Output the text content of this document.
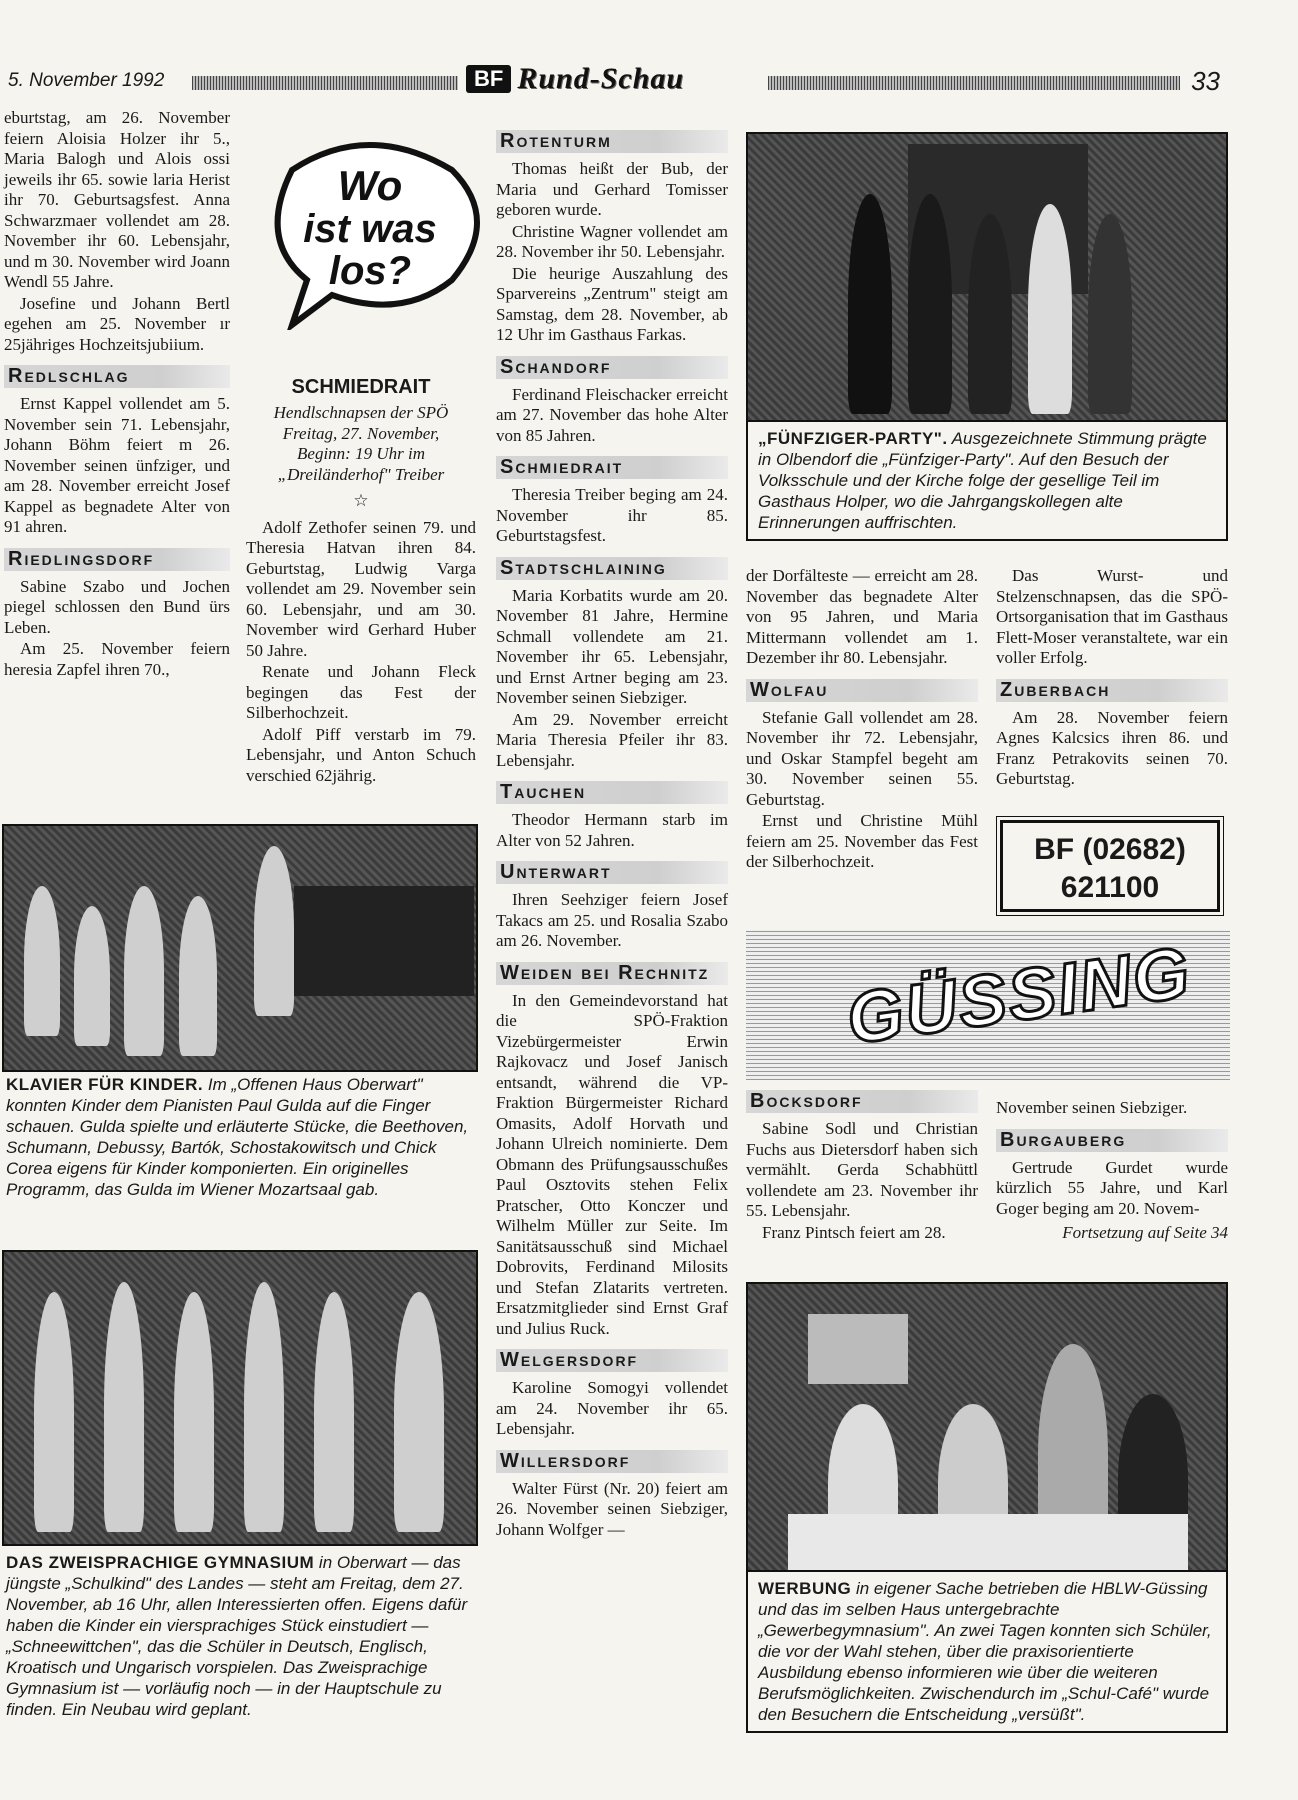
5. November 1992	BF Rund-Schau	33

eburtstag, am 26. November feiern Aloisia Holzer ihr 5., Maria Balogh und Alois ossi jeweils ihr 65. sowie laria Herist ihr 70. Geburtsagsfest. Anna Schwarzmaer vollendet am 28. November ihr 60. Lebensjahr, und m 30. November wird Joann Wendl 55 Jahre.

Josefine und Johann Bertl egehen am 25. November ır 25jähriges Hochzeitsjubiium.

Redlschlag

Ernst Kappel vollendet am 5. November sein 71. Lebensjahr, Johann Böhm feiert m 26. November seinen ünfziger, und am 28. November erreicht Josef Kappel as begnadete Alter von 91 ahren.

Riedlingsdorf

Sabine Szabo und Jochen piegel schlossen den Bund ürs Leben.

Am 25. November feiern heresia Zapfel ihren 70.,

Wo
ist was
los?
SCHMIEDRAIT
Hendlschnapsen der SPÖ
Freitag, 27. November,
Beginn: 19 Uhr im
„Dreiländerhof" Treiber
☆

Adolf Zethofer seinen 79. und Theresia Hatvan ihren 84. Geburtstag, Ludwig Varga vollendet am 29. November sein 60. Lebensjahr, und am 30. November wird Gerhard Huber 50 Jahre.

Renate und Johann Fleck begingen das Fest der Silberhochzeit.

Adolf Piff verstarb im 79. Lebensjahr, und Anton Schuch verschied 62jährig.

KLAVIER FÜR KINDER. Im „Offenen Haus Oberwart" konnten Kinder dem Pianisten Paul Gulda auf die Finger schauen. Gulda spielte und erläuterte Stücke, die Beethoven, Schumann, Debussy, Bartók, Schostakowitsch und Chick Corea eigens für Kinder komponierten. Ein originelles Programm, das Gulda im Wiener Mozartsaal gab.
DAS ZWEISPRACHIGE GYMNASIUM in Oberwart — das jüngste „Schulkind" des Landes — steht am Freitag, dem 27. November, ab 16 Uhr, allen Interessierten offen. Eigens dafür haben die Kinder ein viersprachiges Stück einstudiert — „Schneewittchen", das die Schüler in Deutsch, Englisch, Kroatisch und Ungarisch vorspielen. Das Zweisprachige Gymnasium ist — vorläufig noch — in der Hauptschule zu finden. Ein Neubau wird geplant.
Rotenturm

Thomas heißt der Bub, der Maria und Gerhard Tomisser geboren wurde.

Christine Wagner vollendet am 28. November ihr 50. Lebensjahr.

Die heurige Auszahlung des Sparvereins „Zentrum" steigt am Samstag, dem 28. November, ab 12 Uhr im Gasthaus Farkas.

Schandorf

Ferdinand Fleischacker erreicht am 27. November das hohe Alter von 85 Jahren.

Schmiedrait

Theresia Treiber beging am 24. November ihr 85. Geburtstagsfest.

Stadtschlaining

Maria Korbatits wurde am 20. November 81 Jahre, Hermine Schmall vollendete am 21. November ihr 65. Lebensjahr, und Ernst Artner beging am 23. November seinen Siebziger.

Am 29. November erreicht Maria Theresia Pfeiler ihr 83. Lebensjahr.

Tauchen

Theodor Hermann starb im Alter von 52 Jahren.

Unterwart

Ihren Seehziger feiern Josef Takacs am 25. und Rosalia Szabo am 26. November.

Weiden bei Rechnitz

In den Gemeindevorstand hat die SPÖ-Fraktion Vizebürgermeister Erwin Rajkovacz und Josef Janisch entsandt, während die VP-Fraktion Bürgermeister Richard Omasits, Adolf Horvath und Johann Ulreich nominierte. Dem Obmann des Prüfungsausschußes Paul Osztovits stehen Felix Pratscher, Otto Konczer und Wilhelm Müller zur Seite. Im Sanitätsausschuß sind Michael Dobrovits, Ferdinand Milosits und Stefan Zlatarits vertreten. Ersatzmitglieder sind Ernst Graf und Julius Ruck.

Welgersdorf

Karoline Somogyi vollendet am 24. November ihr 65. Lebensjahr.

Willersdorf

Walter Fürst (Nr. 20) feiert am 26. November seinen Siebziger, Johann Wolfger —

„FÜNFZIGER-PARTY". Ausgezeichnete Stimmung prägte in Olbendorf die „Fünfziger-Party". Auf den Besuch der Volksschule und der Kirche folge der gesellige Teil im Gasthaus Holper, wo die Jahrgangskollegen alte Erinnerungen auffrischten.

der Dorfälteste — erreicht am 28. November das begnadete Alter von 95 Jahren, und Maria Mittermann vollendet am 1. Dezember ihr 80. Lebensjahr.

Wolfau

Stefanie Gall vollendet am 28. November ihr 72. Lebensjahr, und Oskar Stampfel begeht am 30. November seinen 55. Geburtstag.

Ernst und Christine Mühl feiern am 25. November das Fest der Silberhochzeit.

Das Wurst- und Stelzenschnapsen, das die SPÖ-Ortsorganisation that im Gasthaus Flett-Moser veranstaltete, war ein voller Erfolg.

Zuberbach

Am 28. November feiern Agnes Kalcsics ihren 86. und Franz Petrakovits seinen 70. Geburtstag.

BF (02682)
621100
GÜSSING
Bocksdorf

Sabine Sodl und Christian Fuchs aus Dietersdorf haben sich vermählt. Gerda Schabhüttl vollendete am 23. November ihr 55. Lebensjahr.

Franz Pintsch feiert am 28.

November seinen Siebziger.

Burgauberg

Gertrude Gurdet wurde kürzlich 55 Jahre, und Karl Goger beging am 20. Novem-

Fortsetzung auf Seite 34
WERBUNG in eigener Sache betrieben die HBLW-Güssing und das im selben Haus untergebrachte „Gewerbegymnasium". An zwei Tagen konnten sich Schüler, die vor der Wahl stehen, über die praxisorientierte Ausbildung ebenso informieren wie über die weiteren Berufsmöglichkeiten. Zwischendurch im „Schul-Café" wurde den Besuchern die Entscheidung „versüßt".
